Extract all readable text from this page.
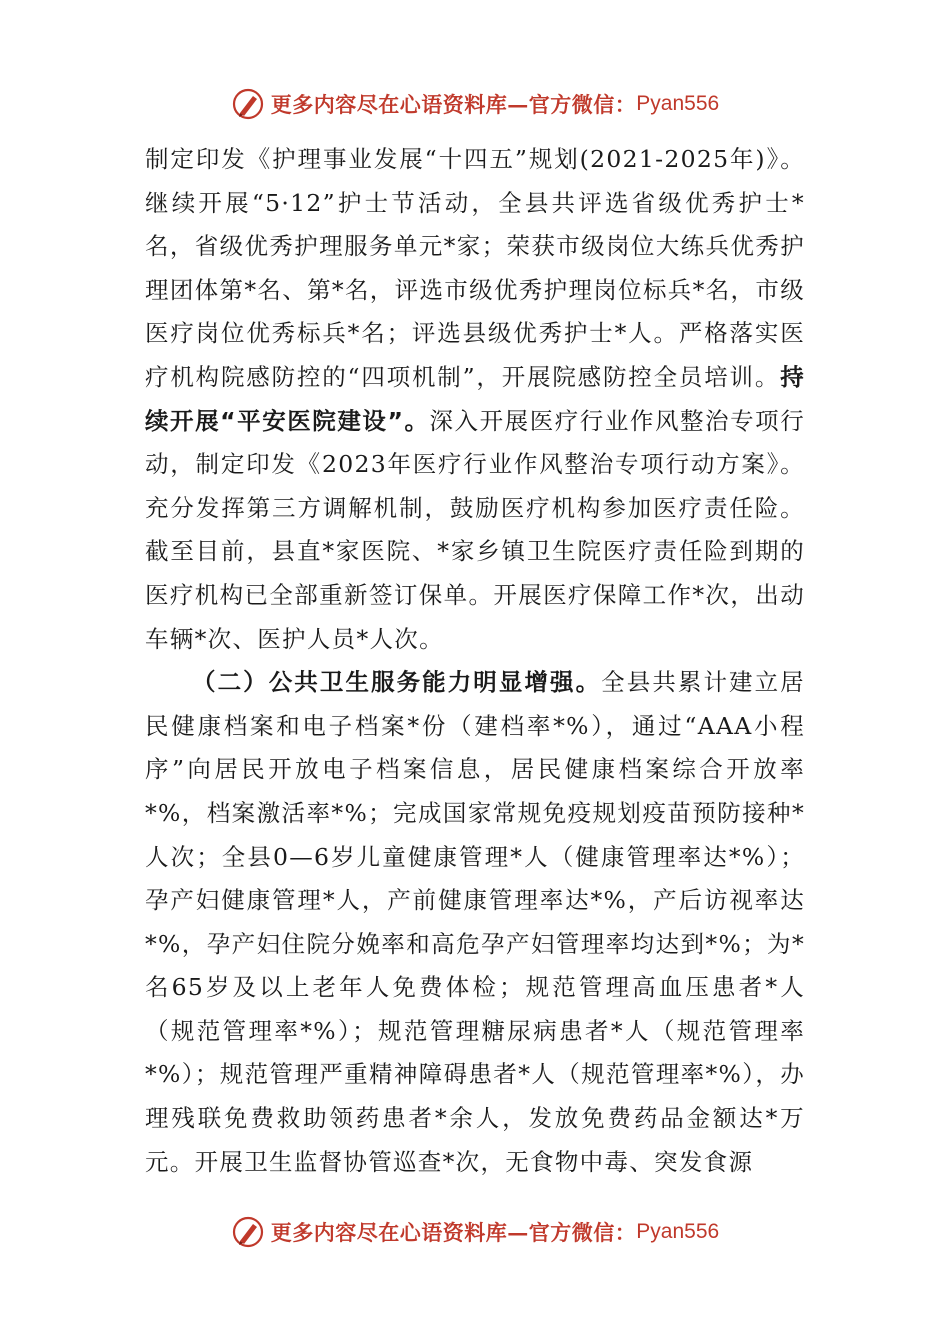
更多内容尽在心语资料库—官方微信： Pyan556

制定印发《护理事业发展“十四五”规划(2021-2025年)》。继续开展“5·12”护士节活动，全县共评选省级优秀护士*名，省级优秀护理服务单元*家；荣获市级岗位大练兵优秀护理团体第*名、第*名，评选市级优秀护理岗位标兵*名，市级医疗岗位优秀标兵*名；评选县级优秀护士*人。严格落实医疗机构院感防控的“四项机制”，开展院感防控全员培训。持续开展“平安医院建设”。深入开展医疗行业作风整治专项行动，制定印发《2023年医疗行业作风整治专项行动方案》。充分发挥第三方调解机制，鼓励医疗机构参加医疗责任险。截至目前，县直*家医院、*家乡镇卫生院医疗责任险到期的医疗机构已全部重新签订保单。开展医疗保障工作*次，出动车辆*次、医护人员*人次。

（二）公共卫生服务能力明显增强。全县共累计建立居民健康档案和电子档案*份（建档率*%），通过“AAA小程序”向居民开放电子档案信息，居民健康档案综合开放率*%，档案激活率*%；完成国家常规免疫规划疫苗预防接种*人次；全县0—6岁儿童健康管理*人（健康管理率达*%）；孕产妇健康管理*人，产前健康管理率达*%，产后访视率达*%，孕产妇住院分娩率和高危孕产妇管理率均达到*%；为*名65岁及以上老年人免费体检；规范管理高血压患者*人（规范管理率*%）；规范管理糖尿病患者*人（规范管理率*%）；规范管理严重精神障碍患者*人（规范管理率*%），办理残联免费救助领药患者*余人，发放免费药品金额达*万元。开展卫生监督协管巡查*次，无食物中毒、突发食源

更多内容尽在心语资料库—官方微信： Pyan556
